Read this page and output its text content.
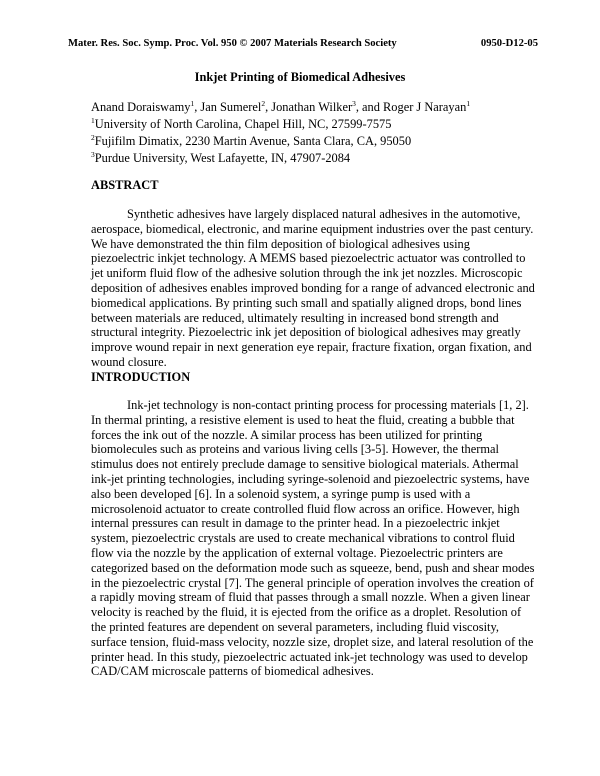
Mater. Res. Soc. Symp. Proc. Vol. 950 © 2007 Materials Research Society	0950-D12-05
Inkjet Printing of Biomedical Adhesives
Anand Doraiswamy$^1$, Jan Sumerel$^2$, Jonathan Wilker$^3$, and Roger J Narayan$^1$
$^1$University of North Carolina, Chapel Hill, NC, 27599-7575
$^2$Fujifilm Dimatix, 2230 Martin Avenue, Santa Clara, CA, 95050
$^3$Purdue University, West Lafayette, IN, 47907-2084
ABSTRACT
Synthetic adhesives have largely displaced natural adhesives in the automotive,
aerospace, biomedical, electronic, and marine equipment industries over the past century.
We have demonstrated the thin film deposition of biological adhesives using
piezoelectric inkjet technology. A MEMS based piezoelectric actuator was controlled to
jet uniform fluid flow of the adhesive solution through the ink jet nozzles. Microscopic
deposition of adhesives enables improved bonding for a range of advanced electronic and
biomedical applications. By printing such small and spatially aligned drops, bond lines
between materials are reduced, ultimately resulting in increased bond strength and
structural integrity. Piezoelectric ink jet deposition of biological adhesives may greatly
improve wound repair in next generation eye repair, fracture fixation, organ fixation, and
wound closure.
INTRODUCTION
Ink-jet technology is non-contact printing process for processing materials [1, 2].
In thermal printing, a resistive element is used to heat the fluid, creating a bubble that
forces the ink out of the nozzle. A similar process has been utilized for printing
biomolecules such as proteins and various living cells [3-5]. However, the thermal
stimulus does not entirely preclude damage to sensitive biological materials. Athermal
ink-jet printing technologies, including syringe-solenoid and piezoelectric systems, have
also been developed [6]. In a solenoid system, a syringe pump is used with a
microsolenoid actuator to create controlled fluid flow across an orifice. However, high
internal pressures can result in damage to the printer head. In a piezoelectric inkjet
system, piezoelectric crystals are used to create mechanical vibrations to control fluid
flow via the nozzle by the application of external voltage. Piezoelectric printers are
categorized based on the deformation mode such as squeeze, bend, push and shear modes
in the piezoelectric crystal [7]. The general principle of operation involves the creation of
a rapidly moving stream of fluid that passes through a small nozzle. When a given linear
velocity is reached by the fluid, it is ejected from the orifice as a droplet. Resolution of
the printed features are dependent on several parameters, including fluid viscosity,
surface tension, fluid-mass velocity, nozzle size, droplet size, and lateral resolution of the
printer head. In this study, piezoelectric actuated ink-jet technology was used to develop
CAD/CAM microscale patterns of biomedical adhesives.
